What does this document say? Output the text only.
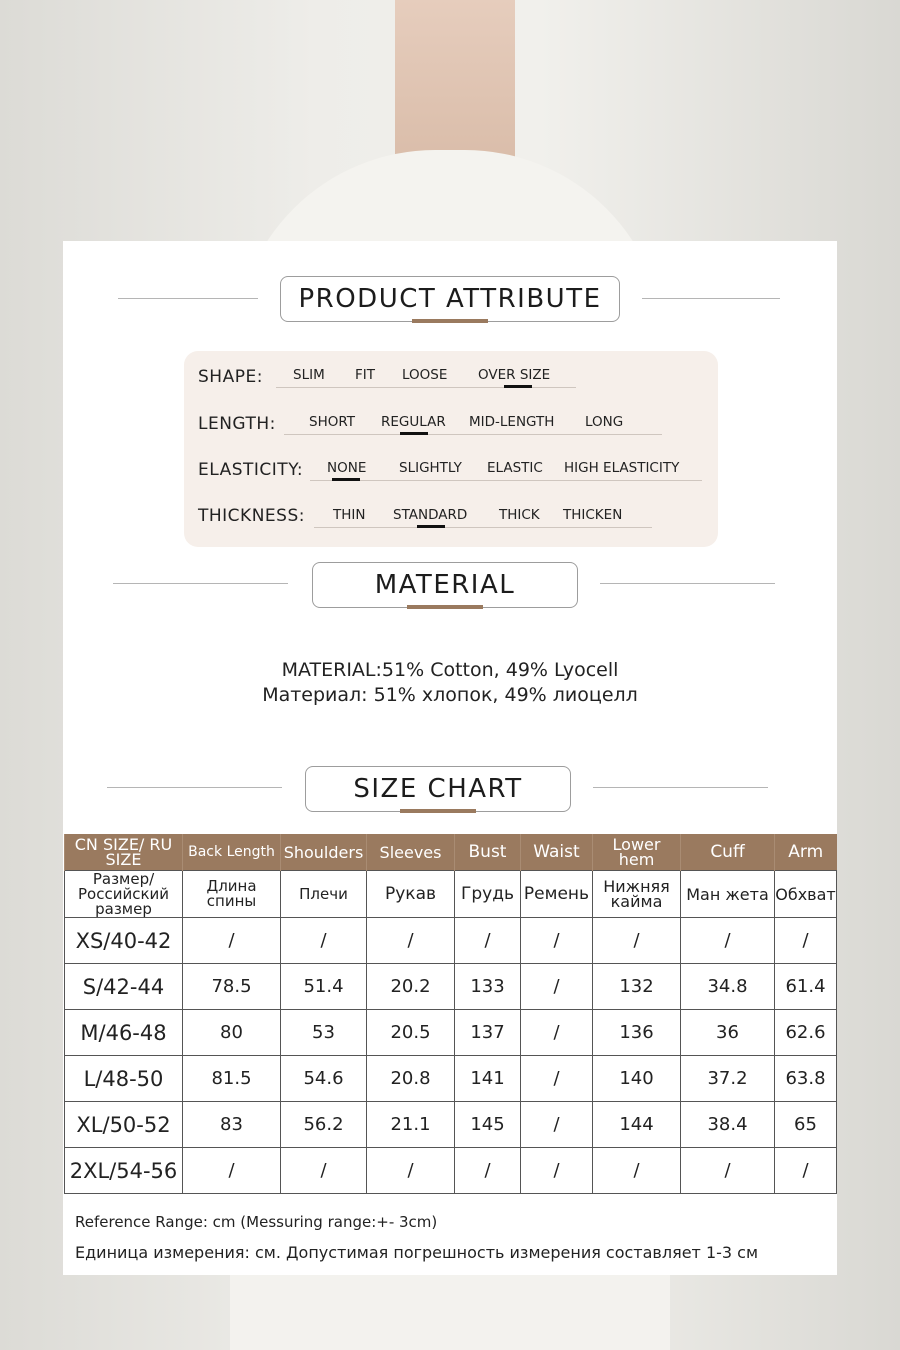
PRODUCT ATTRIBUTE
SHAPE: SLIM FIT LOOSE OVER SIZE
LENGTH: SHORT REGULAR MID-LENGTH LONG
ELASTICITY: NONE SLIGHTLY ELASTIC HIGH ELASTICITY
THICKNESS: THIN STANDARD THICK THICKEN
MATERIAL
MATERIAL:51% Cotton, 49% Lyocell
Материал: 51% хлопок, 49% лиоцелл
SIZE CHART
CN SIZE/ RU SIZE	Back Length	Shoulders	Sleeves	Bust	Waist	Lower hem	Cuff	Arm
Размер/ Российский размер	Длина спины	Плечи	Рукав	Грудь	Ремень	Нижняя кайма	Ман жета	Обхват
XS/40-42	/	/	/	/	/	/	/	/
S/42-44	78.5	51.4	20.2	133	/	132	34.8	61.4
M/46-48	80	53	20.5	137	/	136	36	62.6
L/48-50	81.5	54.6	20.8	141	/	140	37.2	63.8
XL/50-52	83	56.2	21.1	145	/	144	38.4	65
2XL/54-56	/	/	/	/	/	/	/	/
Reference Range: cm (Messuring range:+- 3cm)
Единица измерения: см. Допустимая погрешность измерения составляет 1-3 см
